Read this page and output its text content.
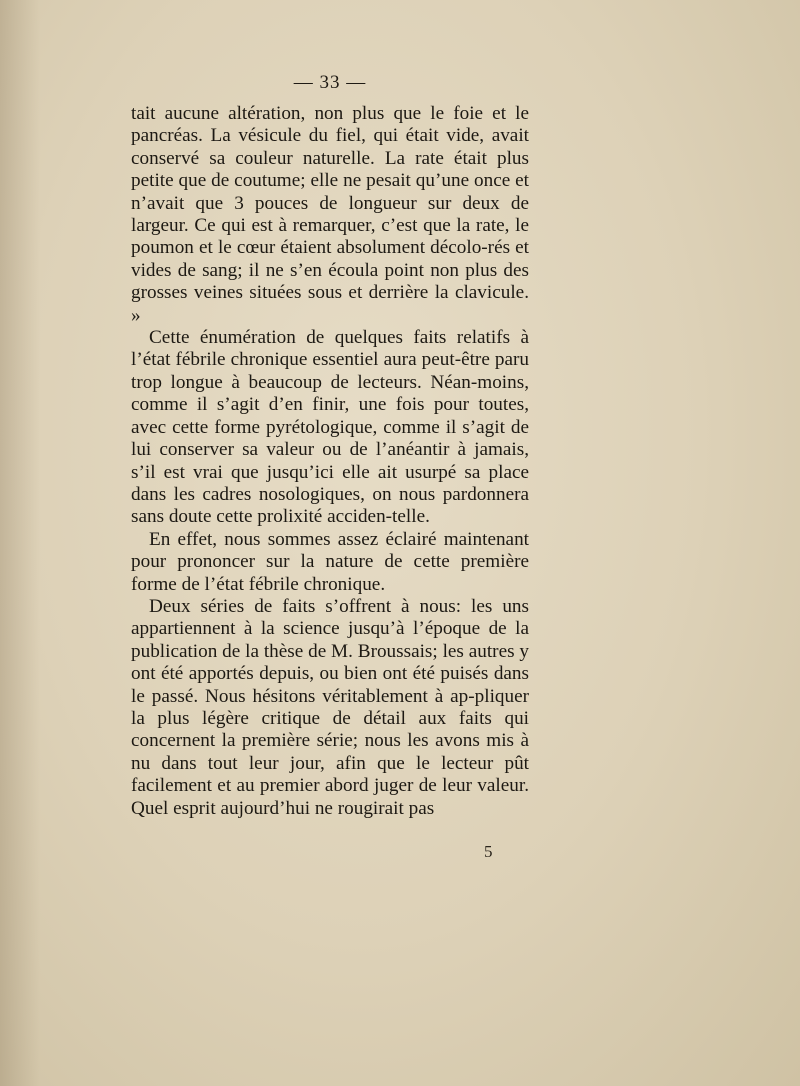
— 33 —

tait aucune altération, non plus que le foie et le pancréas. La vésicule du fiel, qui était vide, avait conservé sa couleur naturelle. La rate était plus petite que de coutume; elle ne pesait qu’une once et n’avait que 3 pouces de longueur sur deux de largeur. Ce qui est à remarquer, c’est que la rate, le poumon et le cœur étaient absolument décolo-rés et vides de sang; il ne s’en écoula point non plus des grosses veines situées sous et derrière la clavicule. »

Cette énumération de quelques faits relatifs à l’état fébrile chronique essentiel aura peut-être paru trop longue à beaucoup de lecteurs. Néan-moins, comme il s’agit d’en finir, une fois pour toutes, avec cette forme pyrétologique, comme il s’agit de lui conserver sa valeur ou de l’anéantir à jamais, s’il est vrai que jusqu’ici elle ait usurpé sa place dans les cadres nosologiques, on nous pardonnera sans doute cette prolixité acciden-telle.

En effet, nous sommes assez éclairé maintenant pour prononcer sur la nature de cette première forme de l’état fébrile chronique.

Deux séries de faits s’offrent à nous: les uns appartiennent à la science jusqu’à l’époque de la publication de la thèse de M. Broussais; les autres y ont été apportés depuis, ou bien ont été puisés dans le passé. Nous hésitons véritablement à ap-pliquer la plus légère critique de détail aux faits qui concernent la première série; nous les avons mis à nu dans tout leur jour, afin que le lecteur pût facilement et au premier abord juger de leur valeur. Quel esprit aujourd’hui ne rougirait pas

5
